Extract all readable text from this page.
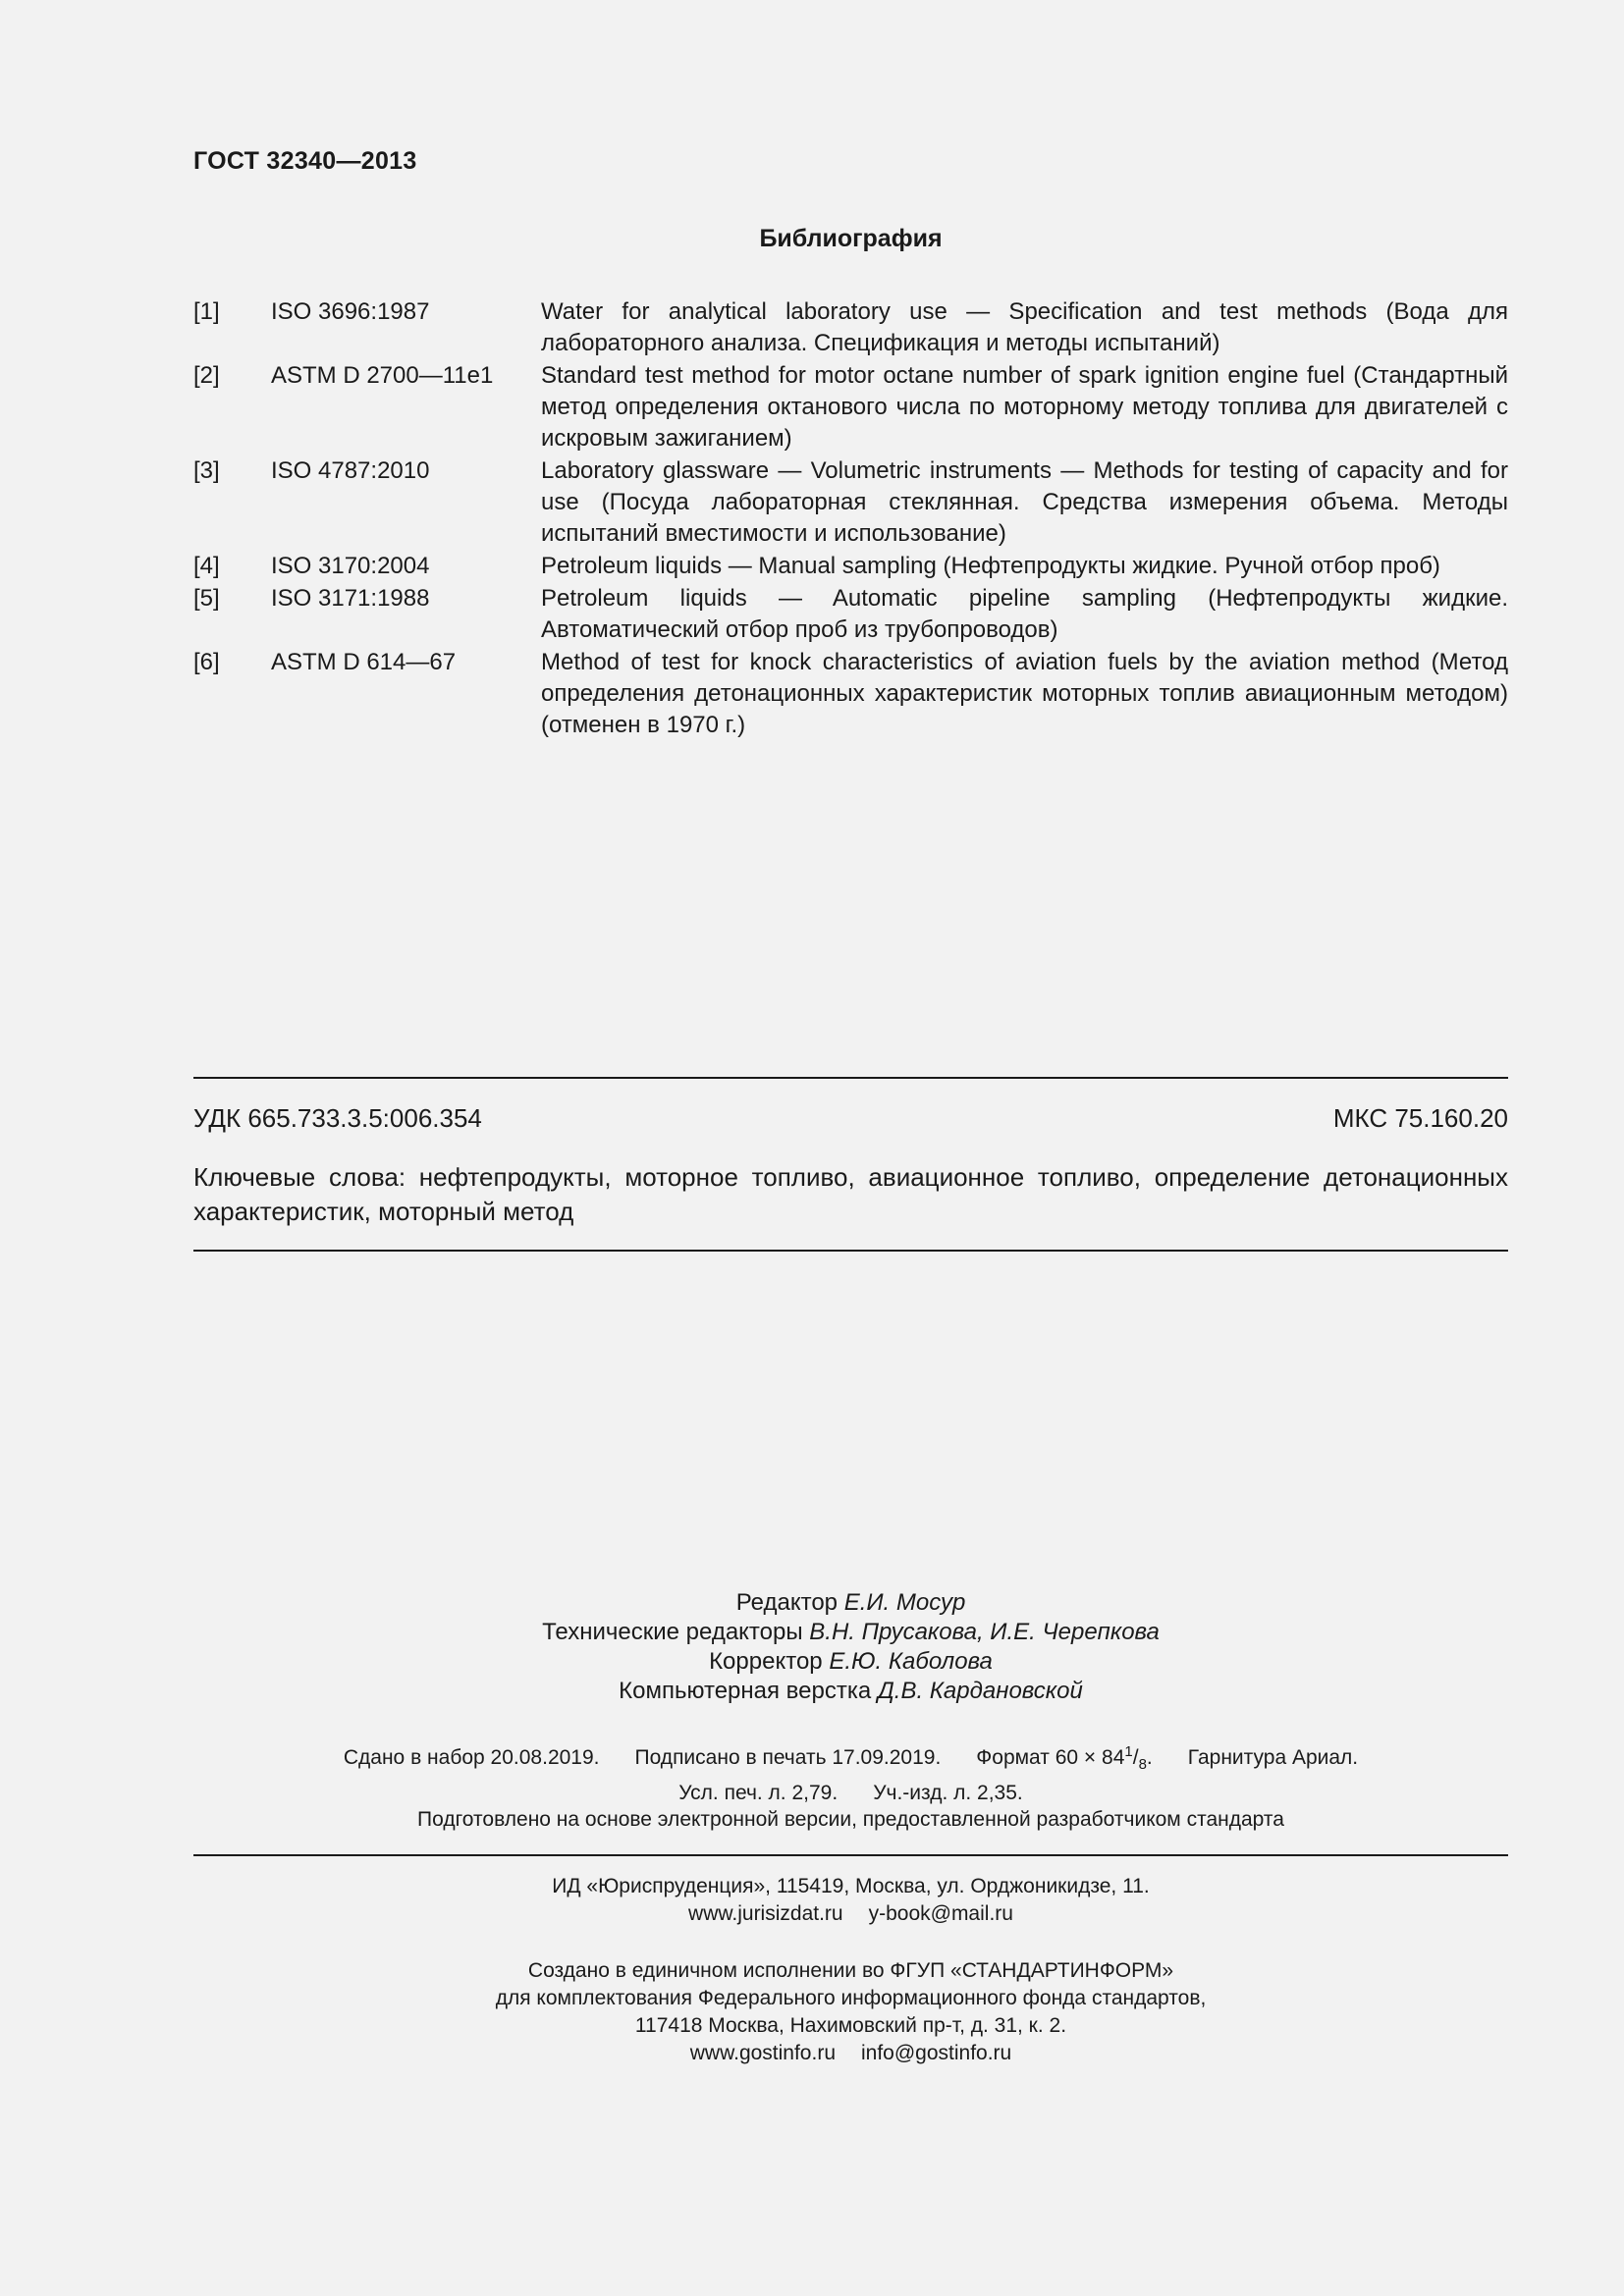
ГОСТ 32340—2013
Библиография
[1]	ISO 3696:1987	Water for analytical laboratory use — Specification and test methods (Вода для лабораторного анализа. Спецификация и методы испытаний)
[2]	ASTM D 2700—11e1	Standard test method for motor octane number of spark ignition engine fuel (Стандартный метод определения октанового числа по моторному методу топлива для двигателей с искровым зажиганием)
[3]	ISO 4787:2010	Laboratory glassware — Volumetric instruments — Methods for testing of capacity and for use (Посуда лабораторная стеклянная. Средства измерения объема. Методы испытаний вместимости и использование)
[4]	ISO 3170:2004	Petroleum liquids — Manual sampling (Нефтепродукты жидкие. Ручной отбор проб)
[5]	ISO 3171:1988	Petroleum liquids — Automatic pipeline sampling (Нефтепродукты жидкие. Автоматический отбор проб из трубопроводов)
[6]	ASTM D 614—67	Method of test for knock characteristics of aviation fuels by the aviation method (Метод определения детонационных характеристик моторных топлив авиационным методом) (отменен в 1970 г.)
УДК 665.733.3.5:006.354	МКС 75.160.20
Ключевые слова: нефтепродукты, моторное топливо, авиационное топливо, определение детонационных характеристик, моторный метод
Редактор Е.И. Мосур
Технические редакторы В.Н. Прусакова, И.Е. Черепкова
Корректор Е.Ю. Каболова
Компьютерная верстка Д.В. Кардановской
Сдано в набор 20.08.2019. Подписано в печать 17.09.2019. Формат $60 \times 84^1/_8$. Гарнитура Ариал.
Усл. печ. л. 2,79. Уч.-изд. л. 2,35.
Подготовлено на основе электронной версии, предоставленной разработчиком стандарта
ИД «Юриспруденция», 115419, Москва, ул. Орджоникидзе, 11.
www.jurisizdat.ru y-book@mail.ru
Создано в единичном исполнении во ФГУП «СТАНДАРТИНФОРМ»
для комплектования Федерального информационного фонда стандартов,
117418 Москва, Нахимовский пр-т, д. 31, к. 2.
www.gostinfo.ru info@gostinfo.ru
